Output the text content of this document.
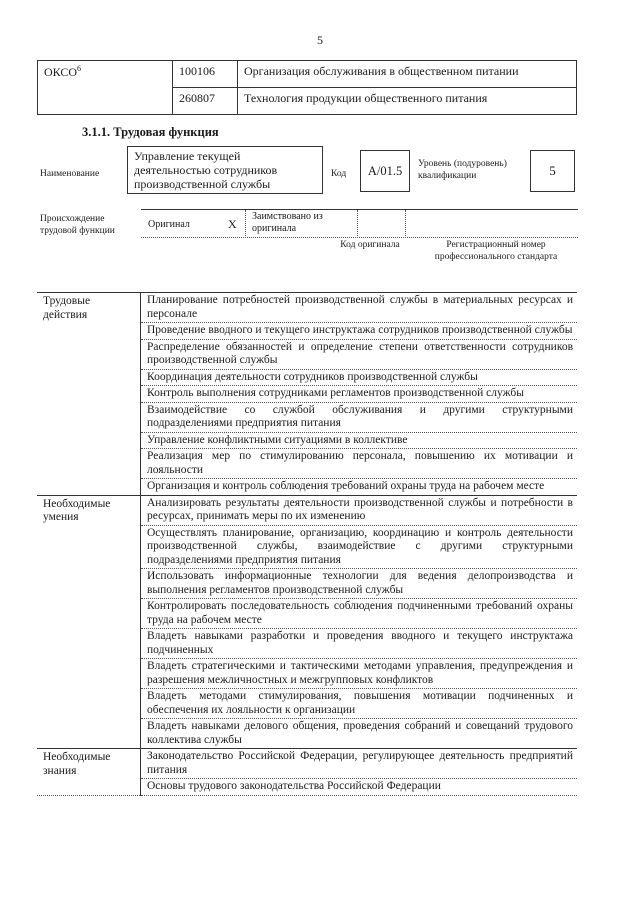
5
ОКСО$^6$	100106	Организация обслуживания в общественном питании
	260807	Технология продукции общественного питания
3.1.1. Трудовая функция
Наименование
Управление текущей деятельностью сотрудников производственной службы
Код	А/01.5	Уровень (подуровень) квалификации	5
Происхождение трудовой функции
Оригинал	X
Заимствовано из оригинала
Код оригинала	Регистрационный номер профессионального стандарта
Трудовые действия	Планирование потребностей производственной службы в материальных ресурсах и персонале
	Проведение вводного и текущего инструктажа сотрудников производственной службы
	Распределение обязанностей и определение степени ответственности сотрудников производственной службы
	Координация деятельности сотрудников производственной службы
	Контроль выполнения сотрудниками регламентов производственной службы
	Взаимодействие со службой обслуживания и другими структурными подразделениями предприятия питания
	Управление конфликтными ситуациями в коллективе
	Реализация мер по стимулированию персонала, повышению их мотивации и лояльности
	Организация и контроль соблюдения требований охраны труда на рабочем месте
Необходимые умения	Анализировать результаты деятельности производственной службы и потребности в ресурсах, принимать меры по их изменению
	Осуществлять планирование, организацию, координацию и контроль деятельности производственной службы, взаимодействие с другими структурными подразделениями предприятия питания
	Использовать информационные технологии для ведения делопроизводства и выполнения регламентов производственной службы
	Контролировать последовательность соблюдения подчиненными требований охраны труда на рабочем месте
	Владеть навыками разработки и проведения вводного и текущего инструктажа подчиненных
	Владеть стратегическими и тактическими методами управления, предупреждения и разрешения межличностных и межгрупповых конфликтов
	Владеть методами стимулирования, повышения мотивации подчиненных и обеспечения их лояльности к организации
	Владеть навыками делового общения, проведения собраний и совещаний трудового коллектива службы
Необходимые знания	Законодательство Российской Федерации, регулирующее деятельность предприятий питания
	Основы трудового законодательства Российской Федерации
